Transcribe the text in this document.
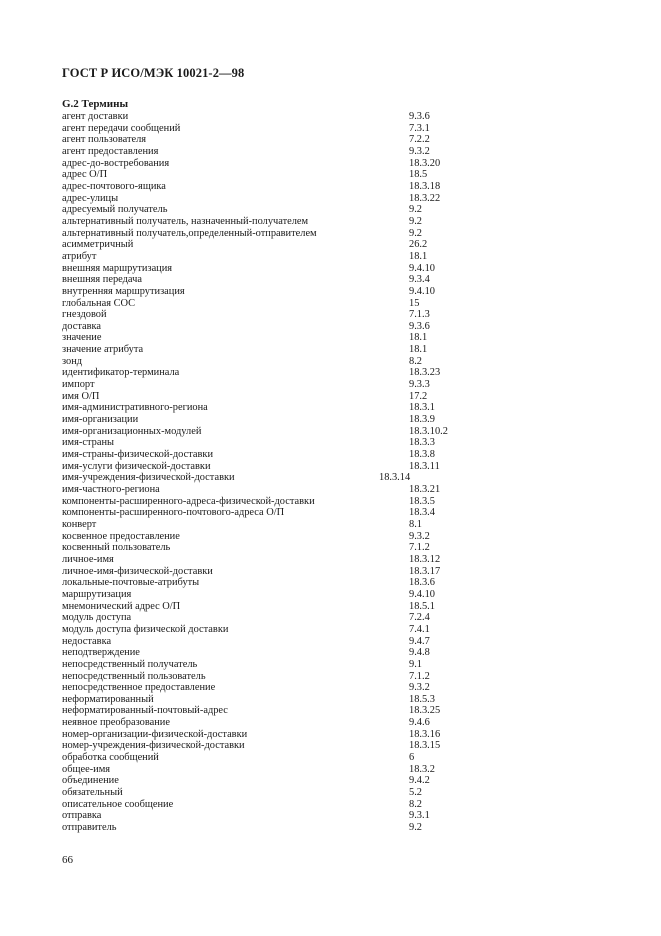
ГОСТ Р ИСО/МЭК 10021-2—98
G.2 Термины
агент доставки	9.3.6
агент передачи сообщений	7.3.1
агент пользователя	7.2.2
агент предоставления	9.3.2
адрес-до-востребования	18.3.20
адрес О/П	18.5
адрес-почтового-ящика	18.3.18
адрес-улицы	18.3.22
адресуемый получатель	9.2
альтернативный получатель, назначенный-получателем	9.2
альтернативный получатель,определенный-отправителем	9.2
асимметричный	26.2
атрибут	18.1
внешняя маршрутизация	9.4.10
внешняя передача	9.3.4
внутренняя маршрутизация	9.4.10
глобальная СОС	15
гнездовой	7.1.3
доставка	9.3.6
значение	18.1
значение атрибута	18.1
зонд	8.2
идентификатор-терминала	18.3.23
импорт	9.3.3
имя О/П	17.2
имя-административного-региона	18.3.1
имя-организации	18.3.9
имя-организационных-модулей	18.3.10.2
имя-страны	18.3.3
имя-страны-физической-доставки	18.3.8
имя-услуги физической-доставки	18.3.11
имя-учреждения-физической-доставки	18.3.14
имя-частного-региона	18.3.21
компоненты-расширенного-адреса-физической-доставки	18.3.5
компоненты-расширенного-почтового-адреса О/П	18.3.4
конверт	8.1
косвенное предоставление	9.3.2
косвенный пользователь	7.1.2
личное-имя	18.3.12
личное-имя-физической-доставки	18.3.17
локальные-почтовые-атрибуты	18.3.6
маршрутизация	9.4.10
мнемонический адрес О/П	18.5.1
модуль доступа	7.2.4
модуль доступа физической доставки	7.4.1
недоставка	9.4.7
неподтверждение	9.4.8
непосредственный получатель	9.1
непосредственный пользователь	7.1.2
непосредственное предоставление	9.3.2
неформатированный	18.5.3
неформатированный-почтовый-адрес	18.3.25
неявное преобразование	9.4.6
номер-организации-физической-доставки	18.3.16
номер-учреждения-физической-доставки	18.3.15
обработка сообщений	6
общее-имя	18.3.2
объединение	9.4.2
обязательный	5.2
описательное сообщение	8.2
отправка	9.3.1
отправитель	9.2
66
